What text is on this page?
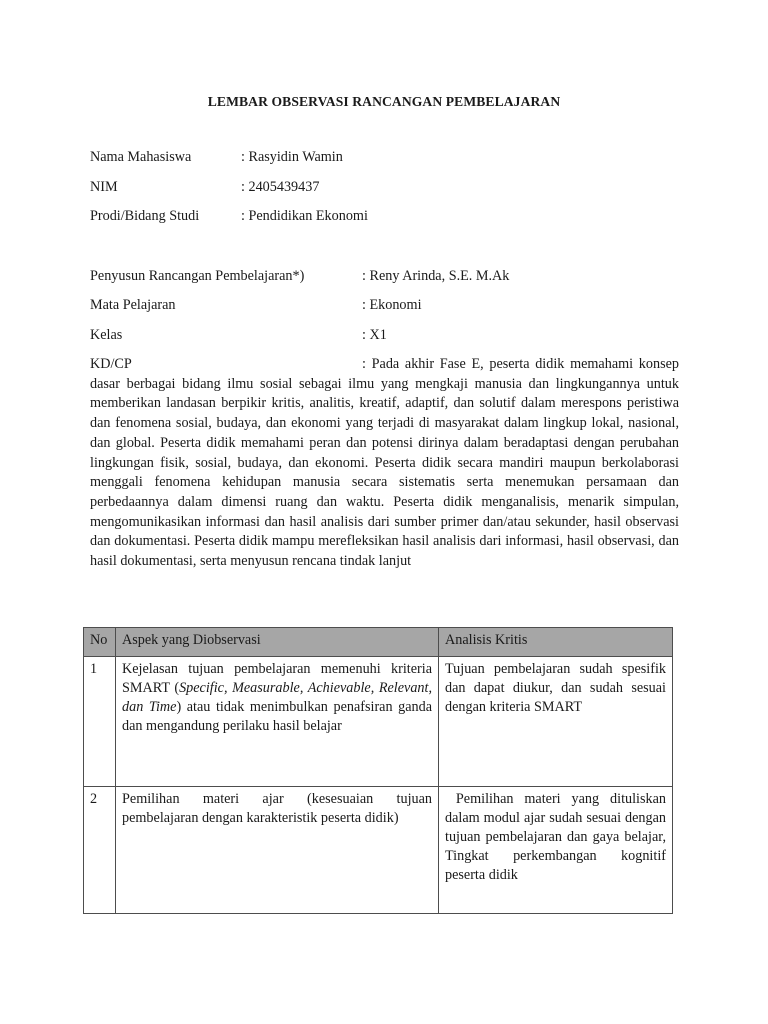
LEMBAR OBSERVASI RANCANGAN PEMBELAJARAN
Nama Mahasiswa	: Rasyidin Wamin
NIM	: 2405439437
Prodi/Bidang Studi	: Pendidikan Ekonomi
Penyusun Rancangan Pembelajaran*)	: Reny Arinda, S.E. M.Ak
Mata Pelajaran	: Ekonomi
Kelas	: X1
KD/CP	: Pada akhir Fase E, peserta didik memahami konsep dasar berbagai bidang ilmu sosial sebagai ilmu yang mengkaji manusia dan lingkungannya untuk memberikan landasan berpikir kritis, analitis, kreatif, adaptif, dan solutif dalam merespons peristiwa dan fenomena sosial, budaya, dan ekonomi yang terjadi di masyarakat dalam lingkup lokal, nasional, dan global. Peserta didik memahami peran dan potensi dirinya dalam beradaptasi dengan perubahan lingkungan fisik, sosial, budaya, dan ekonomi. Peserta didik secara mandiri maupun berkolaborasi menggali fenomena kehidupan manusia secara sistematis serta menemukan persamaan dan perbedaannya dalam dimensi ruang dan waktu. Peserta didik menganalisis, menarik simpulan, mengomunikasikan informasi dan hasil analisis dari sumber primer dan/atau sekunder, hasil observasi dan dokumentasi. Peserta didik mampu merefleksikan hasil analisis dari informasi, hasil observasi, dan hasil dokumentasi, serta menyusun rencana tindak lanjut
No	Aspek yang Diobservasi	Analisis Kritis
1	Kejelasan tujuan pembelajaran memenuhi kriteria SMART (Specific, Measurable, Achievable, Relevant, dan Time) atau tidak menimbulkan penafsiran ganda dan mengandung perilaku hasil belajar	Tujuan pembelajaran sudah spesifik dan dapat diukur, dan sudah sesuai dengan kriteria SMART
2	Pemilihan materi ajar (kesesuaian tujuan pembelajaran dengan karakteristik peserta didik)	Pemilihan materi yang dituliskan dalam modul ajar sudah sesuai dengan tujuan pembelajaran dan gaya belajar, Tingkat perkembangan kognitif peserta didik
